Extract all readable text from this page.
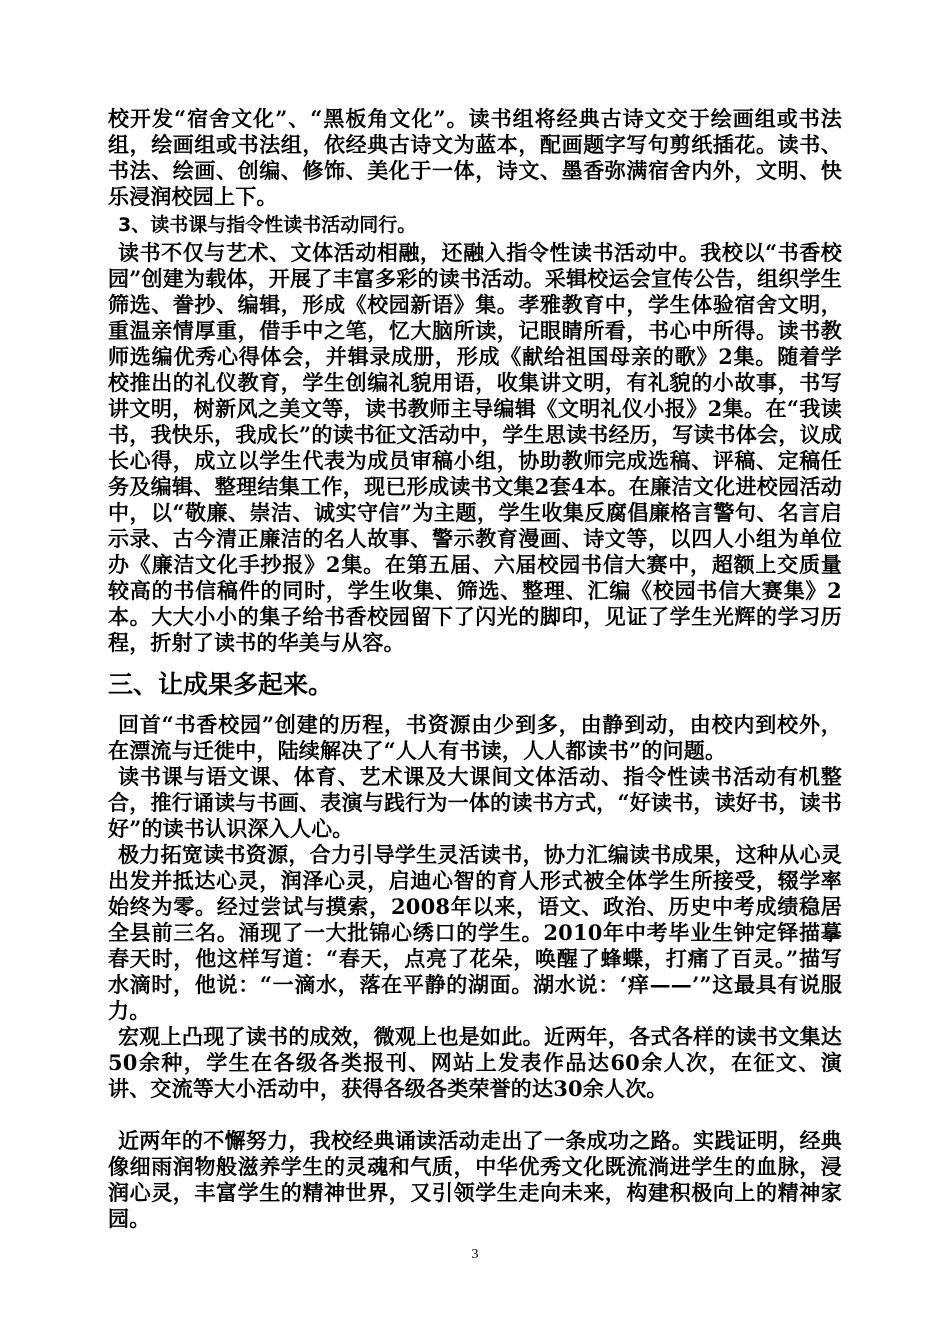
校开发“宿舍文化”、“黑板角文化”。读书组将经典古诗文交于绘画组或书法组，绘画组或书法组，依经典古诗文为蓝本，配画题字写句剪纸插花。读书、书法、绘画、创编、修饰、美化于一体，诗文、墨香弥满宿舍内外，文明、快乐浸润校园上下。

3、读书课与指令性读书活动同行。

读书不仅与艺术、文体活动相融，还融入指令性读书活动中。我校以“书香校园”创建为载体，开展了丰富多彩的读书活动。采辑校运会宣传公告，组织学生筛选、誊抄、编辑，形成《校园新语》集。孝雅教育中，学生体验宿舍文明，重温亲情厚重，借手中之笔，忆大脑所读，记眼睛所看，书心中所得。读书教师选编优秀心得体会，并辑录成册，形成《献给祖国母亲的歌》2集。随着学校推出的礼仪教育，学生创编礼貌用语，收集讲文明，有礼貌的小故事，书写讲文明，树新风之美文等，读书教师主导编辑《文明礼仪小报》2集。在“我读书，我快乐，我成长”的读书征文活动中，学生思读书经历，写读书体会，议成长心得，成立以学生代表为成员审稿小组，协助教师完成选稿、评稿、定稿任务及编辑、整理结集工作，现已形成读书文集2套4本。在廉洁文化进校园活动中，以“敬廉、崇洁、诚实守信”为主题，学生收集反腐倡廉格言警句、名言启示录、古今清正廉洁的名人故事、警示教育漫画、诗文等，以四人小组为单位办《廉洁文化手抄报》2集。在第五届、六届校园书信大赛中，超额上交质量较高的书信稿件的同时，学生收集、筛选、整理、汇编《校园书信大赛集》2本。大大小小的集子给书香校园留下了闪光的脚印，见证了学生光辉的学习历程，折射了读书的华美与从容。

三、让成果多起来。

回首“书香校园”创建的历程，书资源由少到多，由静到动，由校内到校外，在漂流与迁徙中，陆续解决了“人人有书读，人人都读书”的问题。

读书课与语文课、体育、艺术课及大课间文体活动、指令性读书活动有机整合，推行诵读与书画、表演与践行为一体的读书方式，“好读书，读好书，读书好”的读书认识深入人心。

极力拓宽读书资源，合力引导学生灵活读书，协力汇编读书成果，这种从心灵出发并抵达心灵，润泽心灵，启迪心智的育人形式被全体学生所接受，辍学率始终为零。经过尝试与摸索，2008年以来，语文、政治、历史中考成绩稳居全县前三名。涌现了一大批锦心绣口的学生。2010年中考毕业生钟定铎描摹春天时，他这样写道：“春天，点亮了花朵，唤醒了蜂蝶，打痛了百灵。”描写水滴时，他说：“一滴水，落在平静的湖面。湖水说：‘痒——’”这最具有说服力。

宏观上凸现了读书的成效，微观上也是如此。近两年，各式各样的读书文集达50余种，学生在各级各类报刊、网站上发表作品达60余人次，在征文、演讲、交流等大小活动中，获得各级各类荣誉的达30余人次。

近两年的不懈努力，我校经典诵读活动走出了一条成功之路。实践证明，经典像细雨润物般滋养学生的灵魂和气质，中华优秀文化既流淌进学生的血脉，浸润心灵，丰富学生的精神世界，又引领学生走向未来，构建积极向上的精神家园。

3
